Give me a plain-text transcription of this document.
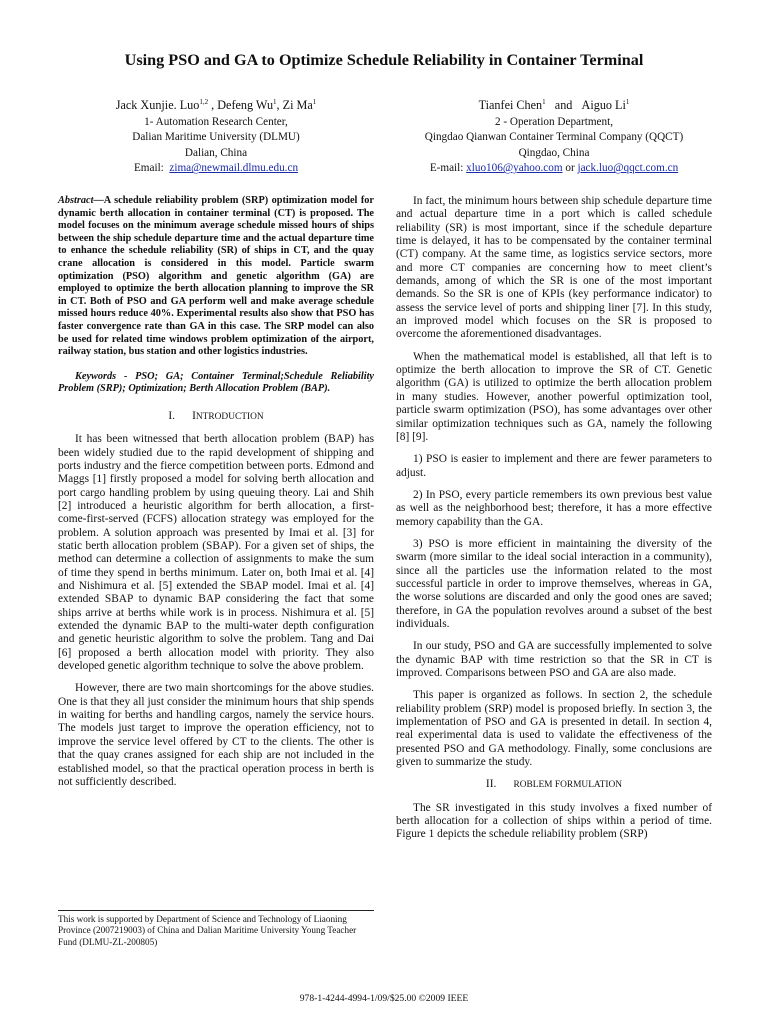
Using PSO and GA to Optimize Schedule Reliability in Container Terminal
Jack Xunjie. Luo$^{1,2}$ , Defeng Wu$^1$, Zi Ma$^1$
1- Automation Research Center,
Dalian Maritime University (DLMU)
Dalian, China
Email: zima@newmail.dlmu.edu.cn
Tianfei Chen$^1$   and   Aiguo Li$^1$
2 - Operation Department,
Qingdao Qianwan Container Terminal Company (QQCT)
Qingdao, China
E-mail: xluo106@yahoo.com or jack.luo@qqct.com.cn

Abstract—A schedule reliability problem (SRP) optimization model for dynamic berth allocation in container terminal (CT) is proposed. The model focuses on the minimum average schedule missed hours of ships between the ship schedule departure time and the actual departure time to enhance the schedule reliability (SR) of ships in CT, and the quay crane allocation is considered in this model. Particle swarm optimization (PSO) algorithm and genetic algorithm (GA) are employed to optimize the berth allocation planning to improve the SR in CT. Both of PSO and GA perform well and make average schedule missed hours reduce 40%. Experimental results also show that PSO has faster convergence rate than GA in this case. The SRP model can also be used for related time windows problem optimization of the airport, railway station, bus station and other logistics industries.

Keywords - PSO; GA; Container Terminal;Schedule Reliability Problem (SRP); Optimization; Berth Allocation Problem (BAP).

I. INTRODUCTION

It has been witnessed that berth allocation problem (BAP) has been widely studied due to the rapid development of shipping and ports industry and the fierce competition between ports. Edmond and Maggs [1] firstly proposed a model for solving berth allocation and port cargo handling problem by using queuing theory. Lai and Shih [2] introduced a heuristic algorithm for berth allocation, a first-come-first-served (FCFS) allocation strategy was employed for the problem. A solution approach was presented by Imai et al. [3] for static berth allocation problem (SBAP). For a given set of ships, the method can determine a collection of assignments to make the sum of time they spend in berths minimum. Later on, both Imai et al. [4] and Nishimura et al. [5] extended the SBAP model. Imai et al. [4] extended SBAP to dynamic BAP considering the fact that some ships arrive at berths while work is in process. Nishimura et al. [5] extended the dynamic BAP to the multi-water depth configuration and genetic heuristic algorithm to solve the problem. Tang and Dai [6] proposed a berth allocation model with priority. They also developed genetic algorithm technique to solve the above problem.

However, there are two main shortcomings for the above studies. One is that they all just consider the minimum hours that ship spends in waiting for berths and handling cargos, namely the service hours. The models just target to improve the operation efficiency, not to improve the service level offered by CT to the clients. The other is that the quay cranes assigned for each ship are not included in the established model, so that the practical operation process in berth is not sufficiently described.

In fact, the minimum hours between ship schedule departure time and actual departure time in a port which is called schedule reliability (SR) is most important, since if the schedule departure time is delayed, it has to be compensated by the container terminal (CT) company. At the same time, as logistics service sectors, more and more CT companies are concerning how to meet client’s demands, among of which the SR is one of the most important demands. So the SR is one of KPIs (key performance indicator) to assess the service level of ports and shipping liner [7]. In this study, an improved model which focuses on the SR is proposed to overcome the aforementioned disadvantages.

When the mathematical model is established, all that left is to optimize the berth allocation to improve the SR of CT. Genetic algorithm (GA) is utilized to optimize the berth allocation problem in many studies. However, another powerful optimization tool, particle swarm optimization (PSO), has some advantages over other similar optimization techniques such as GA, namely the following [8] [9].

1) PSO is easier to implement and there are fewer parameters to adjust.

2) In PSO, every particle remembers its own previous best value as well as the neighborhood best; therefore, it has a more effective memory capability than the GA.

3) PSO is more efficient in maintaining the diversity of the swarm (more similar to the ideal social interaction in a community), since all the particles use the information related to the most successful particle in order to improve themselves, whereas in GA, the worse solutions are discarded and only the good ones are saved; therefore, in GA the population revolves around a subset of the best individuals.

In our study, PSO and GA are successfully implemented to solve the dynamic BAP with time restriction so that the SR in CT is improved. Comparisons between PSO and GA are also made.

This paper is organized as follows. In section 2, the schedule reliability problem (SRP) model is proposed briefly. In section 3, the implementation of PSO and GA is presented in detail. In section 4, real experimental data is used to validate the effectiveness of the presented PSO and GA methodology. Finally, some conclusions are given to summarize the study.

II. ROBLEM FORMULATION

The SR investigated in this study involves a fixed number of berth allocation for a collection of ships within a period of time. Figure 1 depicts the schedule reliability problem (SRP)

This work is supported by Department of Science and Technology of Liaoning Province (2007219003) of China and Dalian Maritime University Young Teacher Fund (DLMU-ZL-200805)
978-1-4244-4994-1/09/$25.00 ©2009 IEEE
